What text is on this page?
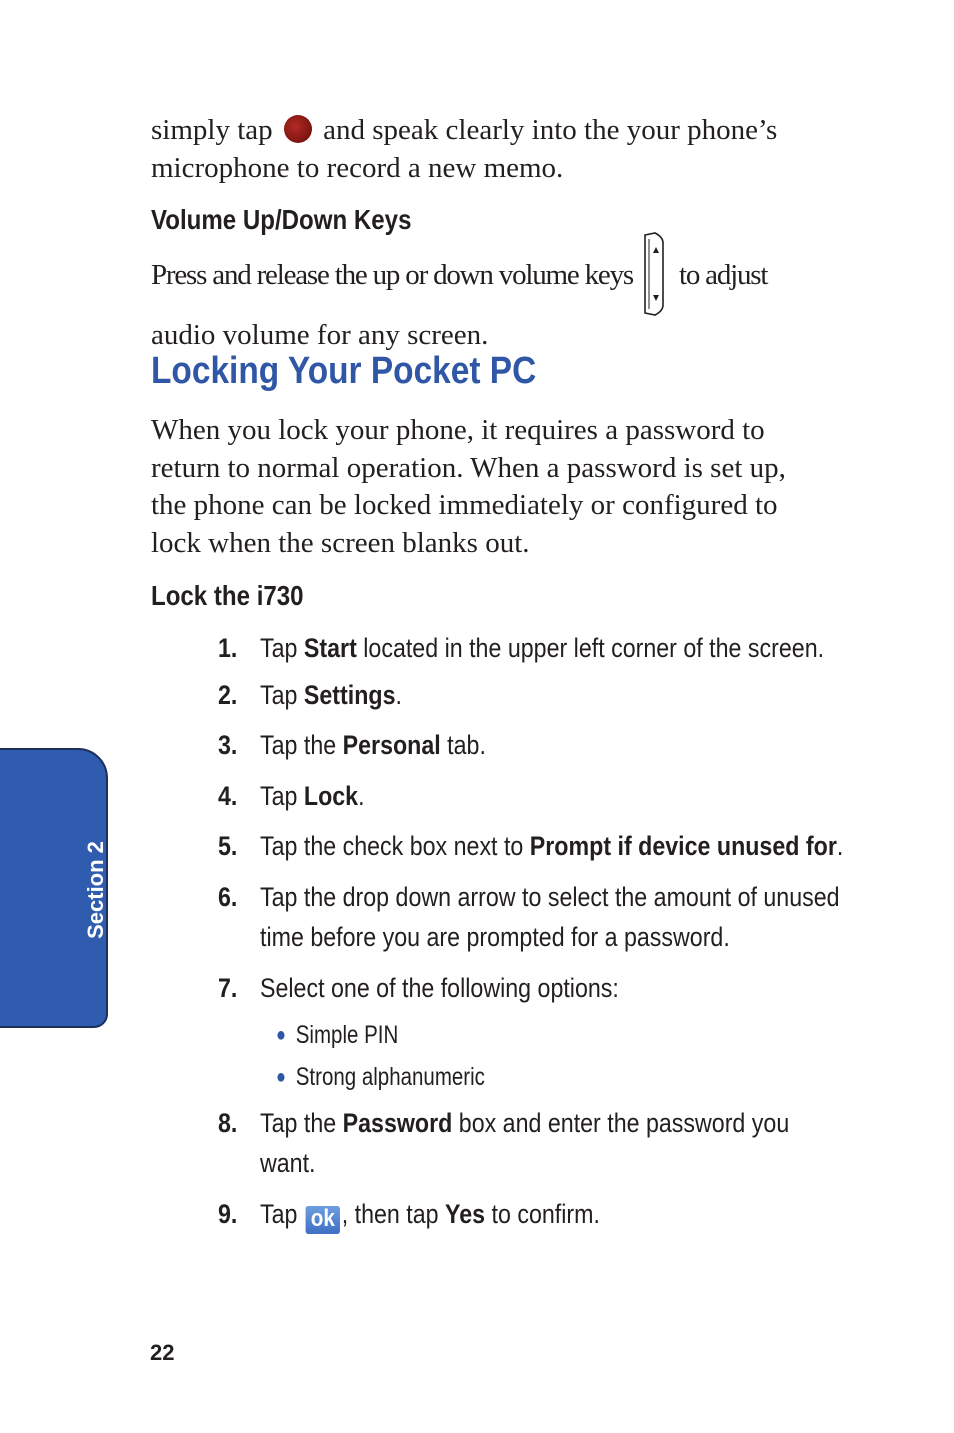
simply tap and speak clearly into the your phone’s
microphone to record a new memo.
Volume Up/Down Keys
Press and release the up or down volume keys to adjust
audio volume for any screen.
Locking Your Pocket PC
When you lock your phone, it requires a password to
return to normal operation. When a password is set up,
the phone can be locked immediately or configured to
lock when the screen blanks out.
Lock the i730
1. Tap Start located in the upper left corner of the screen.
2. Tap Settings.
3. Tap the Personal tab.
4. Tap Lock.
5. Tap the check box next to Prompt if device unused for.
6. Tap the drop down arrow to select the amount of unused
time before you are prompted for a password.
7. Select one of the following options:
● Simple PIN
● Strong alphanumeric
8. Tap the Password box and enter the password you
want.
9. Tap ok , then tap Yes to confirm.
Section 2
22
